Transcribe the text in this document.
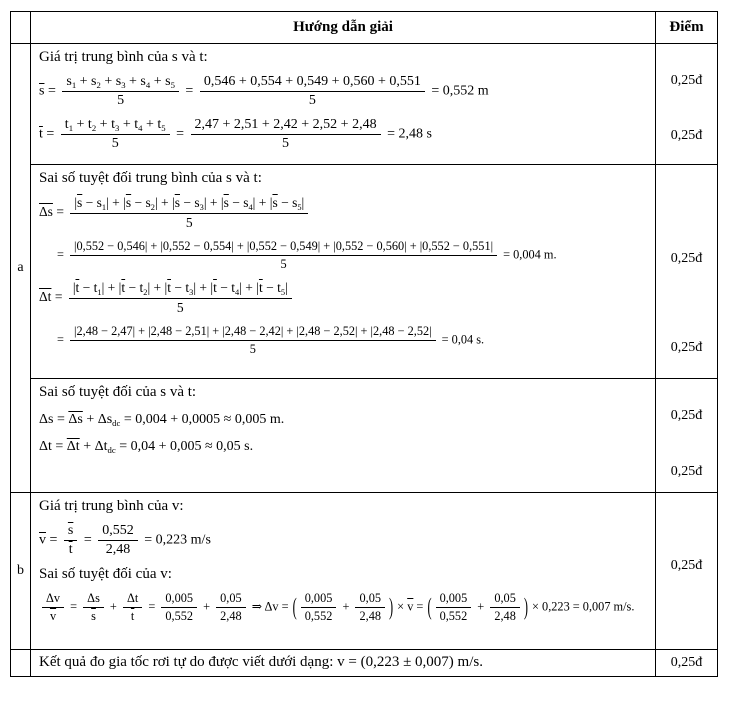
Hướng dẫn giải	Điểm
a
Giá trị trung bình của s và t:
$\overline{s} = \frac{s_1 + s_2 + s_3 + s_4 + s_5}{5} = \frac{0,546 + 0,554 + 0,549 + 0,560 + 0,551}{5} = 0,552$ m
$\overline{t} = \frac{t_1 + t_2 + t_3 + t_4 + t_5}{5} = \frac{2,47 + 2,51 + 2,42 + 2,52 + 2,48}{5} = 2,48$ s
0,25đ
0,25đ
Sai số tuyệt đối trung bình của s và t:
$\overline{\Delta s} = \frac{|\overline{s} - s_1| + |\overline{s} - s_2| + |\overline{s} - s_3| + |\overline{s} - s_4| + |\overline{s} - s_5|}{5}$
=
|0,552 − 0,546| + |0,552 − 0,554| + |0,552 − 0,549| + |0,552 − 0,560| + |0,552 − 0,551|
5
= 0,004 m.
$\overline{\Delta t} = \frac{|\overline{t} - t_1| + |\overline{t} - t_2| + |\overline{t} - t_3| + |\overline{t} - t_4| + |\overline{t} - t_5|}{5}$
=
|2,48 − 2,47| + |2,48 − 2,51| + |2,48 − 2,42| + |2,48 − 2,52| + |2,48 − 2,52|
5
= 0,04 s.
0,25đ
0,25đ
Sai số tuyệt đối của s và t:
$\Delta s = \overline{\Delta s} + \Delta s_{dc} = 0,004 + 0,0005 \approx 0,005$ m.
$\Delta t = \overline{\Delta t} + \Delta t_{dc} = 0,04 + 0,005 \approx 0,05$ s.
0,25đ
0,25đ
b
Giá trị trung bình của v:
$\overline{v} = \frac{\overline{s}}{t} = \frac{0,552}{2,48} = 0,223$ m/s
Sai số tuyệt đối của v:
$\frac{\Delta v}{v} = \frac{\Delta s}{s} + \frac{\Delta t}{t} = \frac{0,005}{0,552} + \frac{0,05}{2,48}$ ⇒ Δv = ( $\frac{0,005}{0,552} + \frac{0,05}{2,48}$ ) × $\overline{v}$ = ( $\frac{0,005}{0,552} + \frac{0,05}{2,48}$ ) × 0,223 = 0,007 m/s.
0,25đ
Kết quả đo gia tốc rơi tự do được viết dưới dạng: v = (0,223 ± 0,007) m/s.	0,25đ
